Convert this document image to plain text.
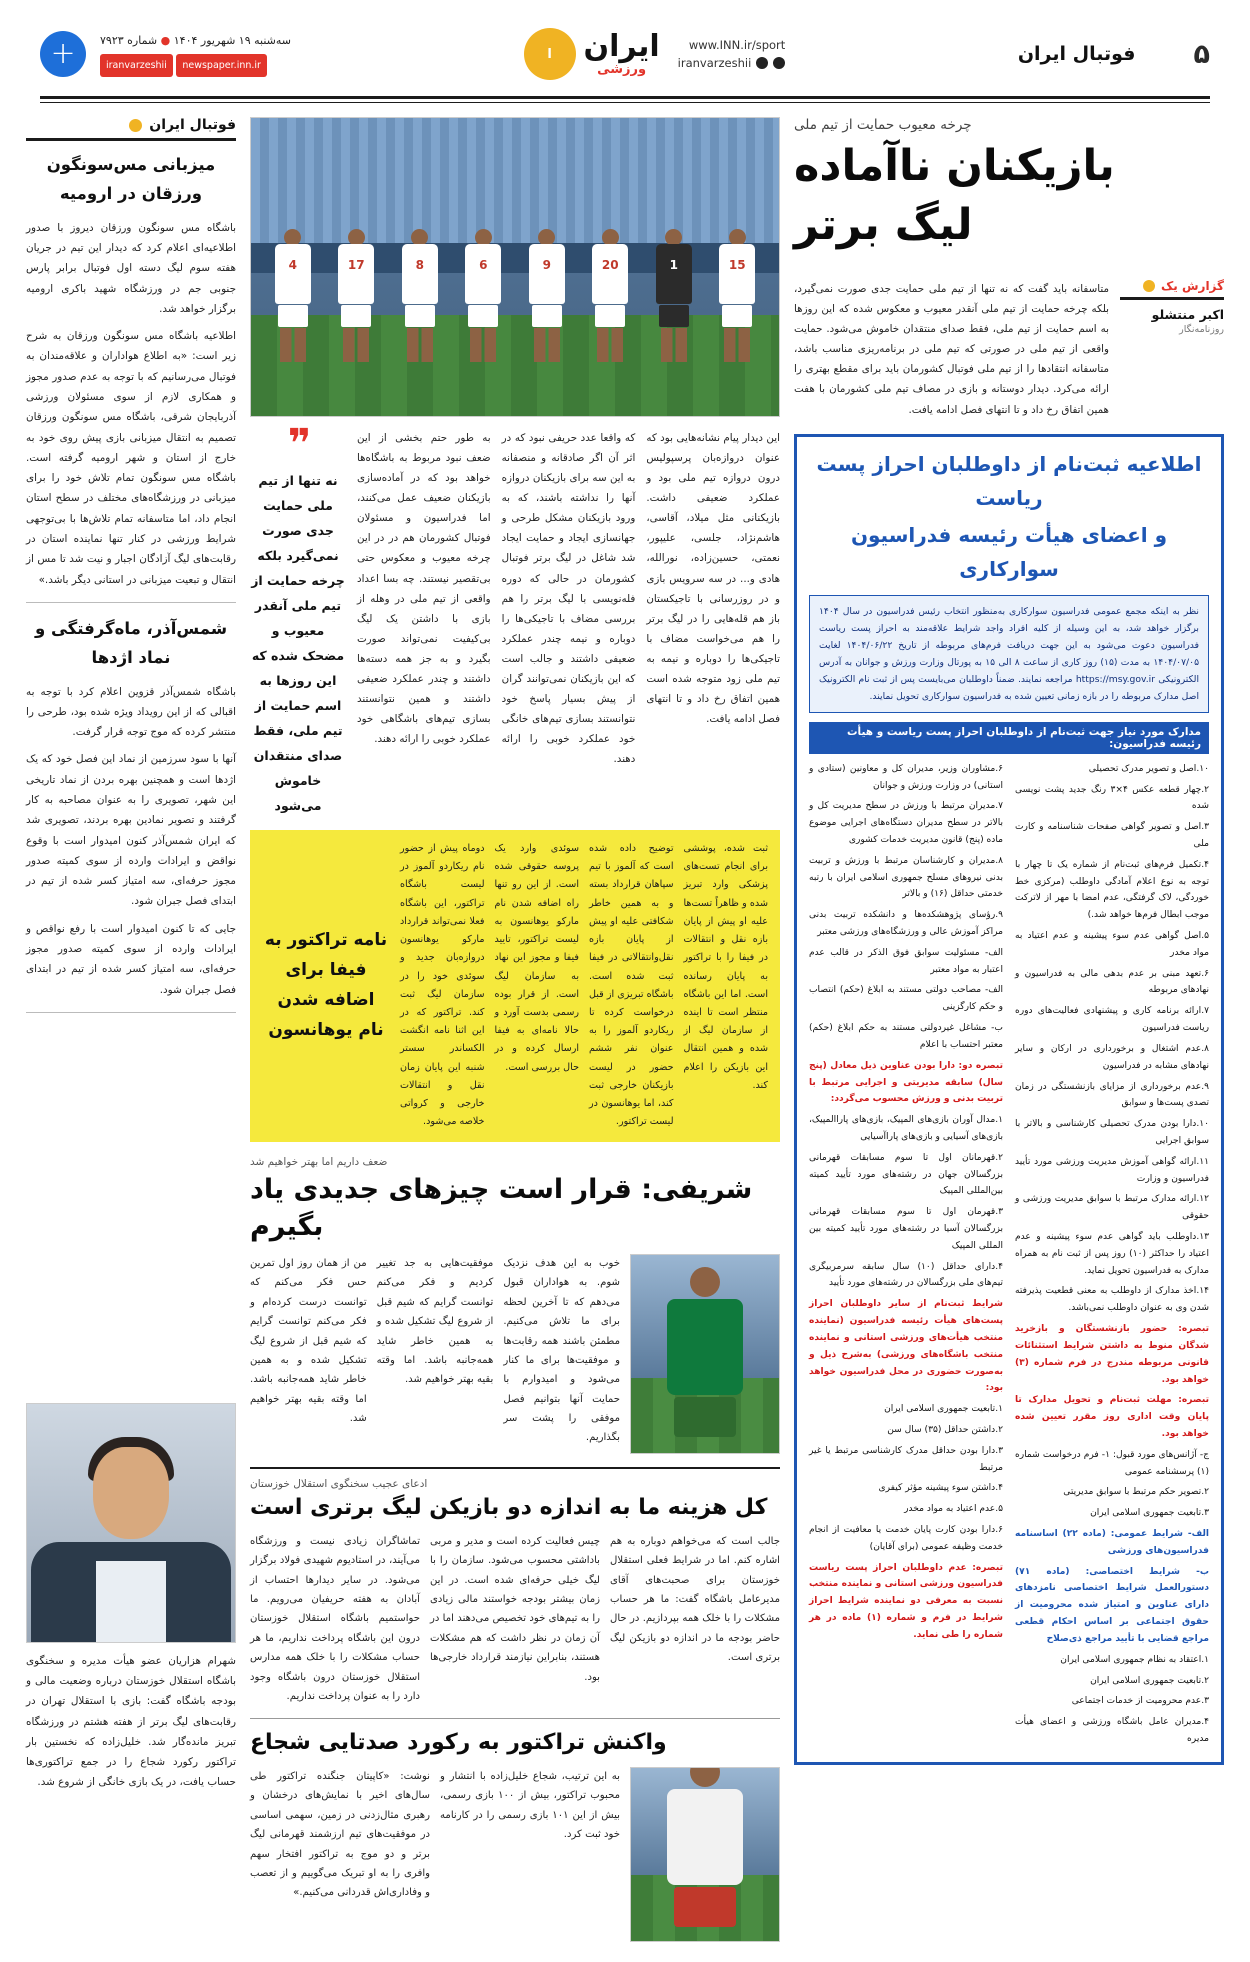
۵
فوتبال ایران
www.INN.ir/sport
iranvarzeshii
ایران
ورزشی
ا
سه‌شنبه ۱۹ شهریور ۱۴۰۴ ● شماره ۷۹۲۳
newspaper.inn.ir iranvarzeshii
+
چرخه معیوب حمایت از تیم ملی
بازیکنان ناآماده
لیگ برتر
گزارش یک
اکبر منتشلو
روزنامه‌نگار
متاسفانه باید گفت که نه تنها از تیم ملی حمایت جدی صورت نمی‌گیرد، بلکه چرخه حمایت از تیم ملی آنقدر معیوب و معکوس شده که این روزها به اسم حمایت از تیم ملی، فقط صدای منتقدان خاموش می‌شود. حمایت واقعی از تیم ملی در صورتی که تیم ملی در برنامه‌ریزی مناسب باشد، متاسفانه انتقادها را از تیم ملی فوتبال کشورمان باید برای مقطع بهتری را ارائه می‌کرد. دیدار دوستانه و بازی در مصاف تیم ملی کشورمان با هفت همین اتفاق رخ داد و تا انتهای فصل ادامه یافت.
اطلاعیه ثبت‌نام از داوطلبان احراز پست ریاست
و اعضای هیأت رئیسه فدراسیون سوارکاری
نظر به اینکه مجمع عمومی فدراسیون سوارکاری به‌منظور انتخاب رئیس فدراسیون در سال ۱۴۰۴ برگزار خواهد شد، به این وسیله از کلیه افراد واجد شرایط علاقه‌مند به احراز پست ریاست فدراسیون دعوت می‌شود به این جهت دریافت فرم‌های مربوطه از تاریخ ۱۴۰۴/۰۶/۲۲ لغایت ۱۴۰۴/۰۷/۰۵ به مدت (۱۵) روز کاری از ساعت ۸ الی ۱۵ به پورتال وزارت ورزش و جوانان به آدرس الکترونیکی https://msy.gov.ir مراجعه نمایند. ضمناً داوطلبان می‌بایست پس از ثبت نام الکترونیک اصل مدارک مربوطه را در بازه زمانی تعیین شده به فدراسیون سوارکاری تحویل نمایند.
مدارک مورد نیاز جهت ثبت‌نام از داوطلبان احراز پست ریاست و هیأت رئیسه فدراسیون:

۱۰.اصل و تصویر مدرک تحصیلی

۲.چهار قطعه عکس ۴×۳ رنگ جدید پشت نویسی شده

۳.اصل و تصویر گواهی صفحات شناسنامه و کارت ملی

۴.تکمیل فرم‌های ثبت‌نام از شماره یک تا چهار با توجه به نوع اعلام آمادگی داوطلب (مرکزی خط خوردگی، لاک گرفتگی، عدم امضا با مهر از لاترکت موجب ابطال فرم‌ها خواهد شد.)

۵.اصل گواهی عدم سوء پیشینه و عدم اعتیاد به مواد مخدر

۶.تعهد مبنی بر عدم بدهی مالی به فدراسیون و نهادهای مربوطه

۷.ارائه برنامه کاری و پیشنهادی فعالیت‌های دوره ریاست فدراسیون

۸.عدم اشتغال و برخورداری در ارکان و سایر نهادهای مشابه در فدراسیون

۹.عدم برخورداری از مزایای بازنشستگی در زمان تصدی پست‌ها و سوابق

۱۰.دارا بودن مدرک تحصیلی کارشناسی و بالاتر با سوابق اجرایی

۱۱.ارائه گواهی آموزش مدیریت ورزشی مورد تأیید فدراسیون و وزارت

۱۲.ارائه مدارک مرتبط با سوابق مدیریت ورزشی و حقوقی

۱۳.داوطلب باید گواهی عدم سوء پیشینه و عدم اعتیاد را حداکثر (۱۰) روز پس از ثبت نام به همراه مدارک به فدراسیون تحویل نماید.

۱۴.اخذ مدارک از داوطلب به معنی قطعیت پذیرفته شدن وی به عنوان داوطلب نمی‌باشد.

تبصره: حضور بازنشستگان و بازخرید شدگان منوط به داشتن شرایط استثنائات قانونی مربوطه مندرج در فرم شماره (۳) خواهد بود.

تبصره: مهلت ثبت‌نام و تحویل مدارک تا پایان وقت اداری روز مقرر تعیین شده خواهد بود.

ج- آژانس‌های مورد قبول: ۱- فرم درخواست شماره (۱) پرسشنامه عمومی

۲.تصویر حکم مرتبط با سوابق مدیریتی

۳.تابعیت جمهوری اسلامی ایران

الف- شرایط عمومی: (ماده ۲۲) اساسنامه فدراسیون‌های ورزشی

ب- شرایط اختصاصی: (ماده ۷۱) دستورالعمل شرایط اختصاصی نامزدهای دارای عناوین و امتیاز شده محرومیت از حقوق اجتماعی بر اساس احکام قطعی مراجع قضایی با تأیید مراجع ذی‌صلاح

۱.اعتقاد به نظام جمهوری اسلامی ایران

۲.تابعیت جمهوری اسلامی ایران

۳.عدم محرومیت از خدمات اجتماعی

۴.مدیران عامل باشگاه ورزشی و اعضای هیأت مدیره

۶.مشاوران وزیر، مدیران کل و معاونین (ستادی و استانی) در وزارت ورزش و جوانان

۷.مدیران مرتبط با ورزش در سطح مدیریت کل و بالاتر در سطح مدیران دستگاه‌های اجرایی موضوع ماده (پنج) قانون مدیریت خدمات کشوری

۸.مدیران و کارشناسان مرتبط با ورزش و تربیت بدنی نیروهای مسلح جمهوری اسلامی ایران با رتبه خدمتی حداقل (۱۶) و بالاتر

۹.رؤسای پژوهشکده‌ها و دانشکده تربیت بدنی مراکز آموزش عالی و ورزشگاه‌های ورزشی معتبر

الف- مسئولیت سوابق فوق الذکر در قالب عدم اعتبار به مواد معتبر

الف- مصاحب دولتی مستند به ابلاغ (حکم) انتصاب و حکم کارگزینی

ب- مشاغل غیردولتی مستند به حکم ابلاغ (حکم) معتبر احتساب با اعلام

تبصره دو: دارا بودن عناوین ذیل معادل (پنج سال) سابقه مدیریتی و اجرایی مرتبط با تربیت بدنی و ورزش محسوب می‌گردد:

۱.مدال آوران بازی‌های المپیک، بازی‌های پاراالمپیک، بازی‌های آسیایی و بازی‌های پاراآسیایی

۲.قهرمانان اول تا سوم مسابقات قهرمانی بزرگسالان جهان در رشته‌های مورد تأیید کمیته بین‌المللی المپیک

۳.قهرمان اول تا سوم مسابقات قهرمانی بزرگسالان آسیا در رشته‌های مورد تأیید کمیته بین المللی المپیک

۴.دارای حداقل (۱۰) سال سابقه سرمربیگری تیم‌های ملی بزرگسالان در رشته‌های مورد تأیید

شرایط ثبت‌نام از سایر داوطلبان احراز پست‌های هیأت رئیسه فدراسیون (نماینده منتخب هیأت‌های ورزشی استانی و نماینده منتخب باشگاه‌های ورزشی) به‌شرح ذیل و به‌صورت حضوری در محل فدراسیون خواهد بود:

۱.تابعیت جمهوری اسلامی ایران

۲.داشتن حداقل (۳۵) سال سن

۳.دارا بودن حداقل مدرک کارشناسی مرتبط یا غیر مرتبط

۴.داشتن سوء پیشینه مؤثر کیفری

۵.عدم اعتیاد به مواد مخدر

۶.دارا بودن کارت پایان خدمت یا معافیت از انجام خدمت وظیفه عمومی (برای آقایان)

تبصره: عدم داوطلبان احراز پست ریاست فدراسیون ورزشی استانی و نماینده منتخب نسبت به معرفی دو نماینده شرایط احراز شرایط در فرم و شماره (۱) ماده در هر شماره را طی نماید.

15
1
20
9
6
8
17
4
این دیدار پیام نشانه‌هایی بود که عنوان دروازه‌بان پرسپولیس درون دروازه تیم ملی بود و عملکرد ضعیفی داشت. بازیکنانی مثل میلاد، آقاسی، هاشم‌نژاد، جلسی، علیپور، نعمتی، حسین‌زاده، نورالله، هادی و... در سه سرویس بازی و در روزرسانی با تاجیکستان باز هم قله‌هایی را در لیگ برتر را هم می‌خواست مضاف با تاجیکی‌ها را دوباره و نیمه به تیم ملی زود متوجه شده است همین اتفاق رخ داد و تا انتهای فصل ادامه یافت.
که واقعا عدد حریفی نبود که در اثر آن اگر صادقانه و منصفانه به این سه برای بازیکنان دروازه آنها را نداشته باشند، که به ورود بازیکنان مشکل طرحی و جهانسازی ایجاد و حمایت ایجاد شد شاغل در لیگ برتر فوتبال کشورمان در حالی که دوره فله‌نویسی با لیگ برتر را هم بررسی مضاف با تاجیکی‌ها را دوباره و نیمه چندر عملکرد ضعیفی داشتند و جالب است که این بازیکنان نمی‌توانند گران از پیش بسیار پاسخ خود نتوانستند بسازی تیم‌های خانگی خود عملکرد خوبی را ارائه دهند.
به طور حتم بخشی از این ضعف نبود مربوط به باشگاه‌ها خواهد بود که در آماده‌سازی بازیکنان ضعیف عمل می‌کنند، اما فدراسیون و مسئولان فوتبال کشورمان هم در در این چرخه معیوب و معکوس حتی بی‌تقصیر نیستند. چه بسا اعداد واقعی از تیم ملی در وهله از بازی با داشتن یک لیگ بی‌کیفیت نمی‌تواند صورت بگیرد و به جز همه دسته‌ها داشتند و چندر عملکرد ضعیفی داشتند و همین نتوانستند بسازی تیم‌های باشگاهی خود عملکرد خوبی را ارائه دهند.
❞
نه تنها از تیم ملی حمایت جدی صورت نمی‌گیرد بلکه چرخه حمایت از تیم ملی آنقدر معیوب و مضحک شده که این روزها به اسم حمایت از تیم ملی، فقط صدای منتقدان خاموش می‌شود
ثبت شده، پوششی برای انجام تست‌های پزشکی وارد تبریز شده و ظاهراً تست‌ها علیه او پیش از پایان بازه نقل و انتقالات در فیفا را با تراکتور به پایان رسانده است. اما این باشگاه منتظر است تا اینده از سازمان لیگ از شده و همین انتقال این بازیکن را اعلام کند.
توضیح داده شده است که آلموز با تیم سپاهان قرارداد بسته و به همین خاطر شکافتی علیه او پیش از پایان بازه نقل‌وانتقالاتی در فیفا ثبت شده است. باشگاه تبریزی از قبل درخواست کرده تا ریکاردو آلموز را به عنوان نفر ششم حضور در لیست بازیکنان خارجی ثبت کند، اما یوهانسون در لیست تراکتور.
سوئدی وارد یک پروسه حقوقی شده است. از این رو تنها راه اضافه شدن نام مارکو یوهانسون به لیست تراکتور، تایید فیفا و مجوز این نهاد به سازمان لیگ است. از قرار بوده رسمی بدست آورد و حالا نامه‌ای به فیفا ارسال کرده و در حال بررسی است.
دوماه پیش از حضور نام ریکاردو آلموز در لیست باشگاه تراکتور، این باشگاه فعلا نمی‌تواند قرارداد مارکو یوهانسون دروازه‌بان جدید و سوئدی خود را در سازمان لیگ ثبت کند. تراکتور که در این اثنا نامه انگشت الکساندر سستر شنبه این پایان زمان نقل و انتقالات خارجی و کرواتی خلاصه می‌شود.
نامه تراکتور به فیفا برای اضافه شدن نام یوهانسون
ضعف داریم اما بهتر خواهیم شد
شریفی: قرار است چیزهای جدیدی یاد بگیرم
خوب به این هدف نزدیک شوم. به هواداران قبول می‌دهم که تا آخرین لحظه برای ما تلاش می‌کنیم. مطمئن باشند همه رقابت‌ها و موفقیت‌ها برای ما کنار می‌شود و امیدوارم با حمایت آنها بتوانیم فصل موفقی را پشت سر بگذاریم.
موفقیت‌هایی به جد تغییر کردیم و فکر می‌کنم توانست گرایم که شیم قبل از شروع لیگ تشکیل شده و به همین خاطر شاید همه‌جانبه باشد. اما وقته بقیه بهتر خواهیم شد.
من از همان روز اول تمرین حس فکر می‌کنم که توانست درست کرده‌ام و فکر می‌کنم توانست گرایم که شیم قبل از شروع لیگ تشکیل شده و به همین خاطر شاید همه‌جانبه باشد. اما وقته بقیه بهتر خواهیم شد.
ادعای عجیب سخنگوی استقلال خوزستان
کل هزینه ما به اندازه دو بازیکن لیگ برتری است
جالب است که می‌خواهم دوباره به هم اشاره کنم. اما در شرایط فعلی استقلال خوزستان برای صحبت‌های آقای مدیرعامل باشگاه گفت: ما هر حساب مشکلات را با خلک همه بپردازیم. در حال حاضر بودجه ما در اندازه دو بازیکن لیگ برتری است.
چیس فعالیت کرده است و مدیر و مربی باداشتی محسوب می‌شود. سازمان را با لیگ خیلی حرفه‌ای شده است. در این زمان بیشتر بودجه خواستند مالی زیادی را به تیم‌های خود تخصیص می‌دهند اما در آن زمان در نظر داشت که هم مشکلات هستند، بنابراین نیازمند قرارداد خارجی‌ها بود.
تماشاگران زیادی نیست و ورزشگاه می‌آیند، در استادیوم شهیدی فولاد برگزار می‌شود. در سایر دیدارها احتساب از آبادان به هفته حریفیان می‌رویم. ما حواستمیم باشگاه استقلال خوزستان درون این باشگاه پرداخت نداریم، ما هر حساب مشکلات را با خلک همه مدارس استقلال خوزستان درون باشگاه وجود دارد را به عنوان پرداخت نداریم.
واکنش تراکتور به رکورد صدتایی شجاع
به این ترتیب، شجاع خلیل‌زاده با انتشار و محبوب تراکتور، بیش از ۱۰۰ بازی رسمی، بیش از این ۱۰۱ بازی رسمی را در کارنامه خود ثبت کرد.
نوشت: «کاپیتان جنگنده تراکتور طی سال‌های اخیر با نمایش‌های درخشان و رهبری مثال‌زدنی در زمین، سهمی اساسی در موفقیت‌های تیم ارزشمند قهرمانی لیگ برتر و دو موج به تراکتور افتخار سهم وافری را به او تبریک می‌گوییم و از تعصب و وفاداری‌اش قدردانی می‌کنیم.»
فوتبال ایران
میزبانی مس‌سونگون ورزقان در ارومیه

باشگاه مس سونگون ورزقان دیروز با صدور اطلاعیه‌ای اعلام کرد که دیدار این تیم در جریان هفته سوم لیگ دسته اول فوتبال برابر پارس جنوبی جم در ورزشگاه شهید باکری ارومیه برگزار خواهد شد.

اطلاعیه باشگاه مس سونگون ورزقان به شرح زیر است: «به اطلاع هواداران و علاقه‌مندان به فوتبال می‌رسانیم که با توجه به عدم صدور مجوز و همکاری لازم از سوی مسئولان ورزشی آذربایجان شرقی، باشگاه مس سونگون ورزقان تصمیم به انتقال میزبانی بازی پیش روی خود به خارج از استان و شهر ارومیه گرفته است. باشگاه مس سونگون تمام تلاش خود را برای میزبانی در ورزشگاه‌های مختلف در سطح استان انجام داد، اما متاسفانه تمام تلاش‌ها با بی‌توجهی شرایط ورزشی در کنار تنها نماینده استان در رقابت‌های لیگ آزادگان اجبار و نیت شد تا مس از انتقال و تبعیت میزبانی در استانی دیگر باشد.»

شمس‌آذر، ماه‌گرفتگی و نماد اژدها

باشگاه شمس‌آذر قزوین اعلام کرد با توجه به اقبالی که از این رویداد ویژه شده بود، طرحی را منتشر کرده که موج توجه قرار گرفت.

آنها با سود سرزمین از نماد این فصل خود که یک اژدها است و همچنین بهره بردن از نماد تاریخی این شهر، تصویری را به عنوان مصاحبه به کار گرفتند و تصویر نمادین بهره بردند، تصویری شد که ایران شمس‌آذر کنون امیدوار است با وقوع نواقض و ایرادات وارده از سوی کمیته صدور مجوز حرفه‌ای، سه امتیاز کسر شده از تیم در ابتدای فصل جبران شود.

جایی که تا کنون امیدوار است با رفع نواقص و ایرادات وارده از سوی کمیته صدور مجوز حرفه‌ای، سه امتیاز کسر شده از تیم در ابتدای فصل جبران شود.

شهرام هزاریان عضو هیأت مدیره و سخنگوی باشگاه استقلال خوزستان درباره وضعیت مالی و بودجه باشگاه گفت: بازی با استقلال تهران در رقابت‌های لیگ برتر از هفته هشتم در ورزشگاه تبریز مانده‌گار شد. خلیل‌زاده که نخستین بار تراکتور رکورد شجاع را در جمع تراکتوری‌ها حساب یافت، در یک بازی خانگی از شروع شد.
